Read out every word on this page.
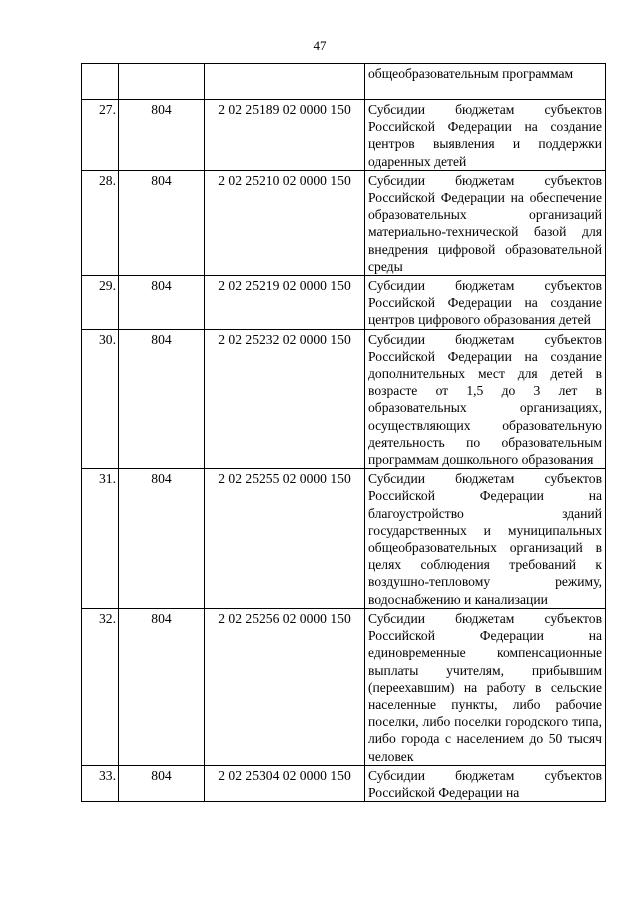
47
			общеобразовательным программам
27.	804	2 02 25189 02 0000 150	Субсидии бюджетам субъектов Российской Федерации на создание центров выявления и поддержки одаренных детей
28.	804	2 02 25210 02 0000 150	Субсидии бюджетам субъектов Российской Федерации на обеспечение образовательных организаций материально-технической базой для внедрения цифровой образовательной среды
29.	804	2 02 25219 02 0000 150	Субсидии бюджетам субъектов Российской Федерации на создание центров цифрового образования детей
30.	804	2 02 25232 02 0000 150	Субсидии бюджетам субъектов Российской Федерации на создание дополнительных мест для детей в возрасте от 1,5 до 3 лет в образовательных организациях, осуществляющих образовательную деятельность по образовательным программам дошкольного образования
31.	804	2 02 25255 02 0000 150	Субсидии бюджетам субъектов Российской Федерации на благоустройство зданий государственных и муниципальных общеобразовательных организаций в целях соблюдения требований к воздушно-тепловому режиму, водоснабжению и канализации
32.	804	2 02 25256 02 0000 150	Субсидии бюджетам субъектов Российской Федерации на единовременные компенсационные выплаты учителям, прибывшим (переехавшим) на работу в сельские населенные пункты, либо рабочие поселки, либо поселки городского типа, либо города с населением до 50 тысяч человек
33.	804	2 02 25304 02 0000 150	Субсидии бюджетам субъектов Российской Федерации на
